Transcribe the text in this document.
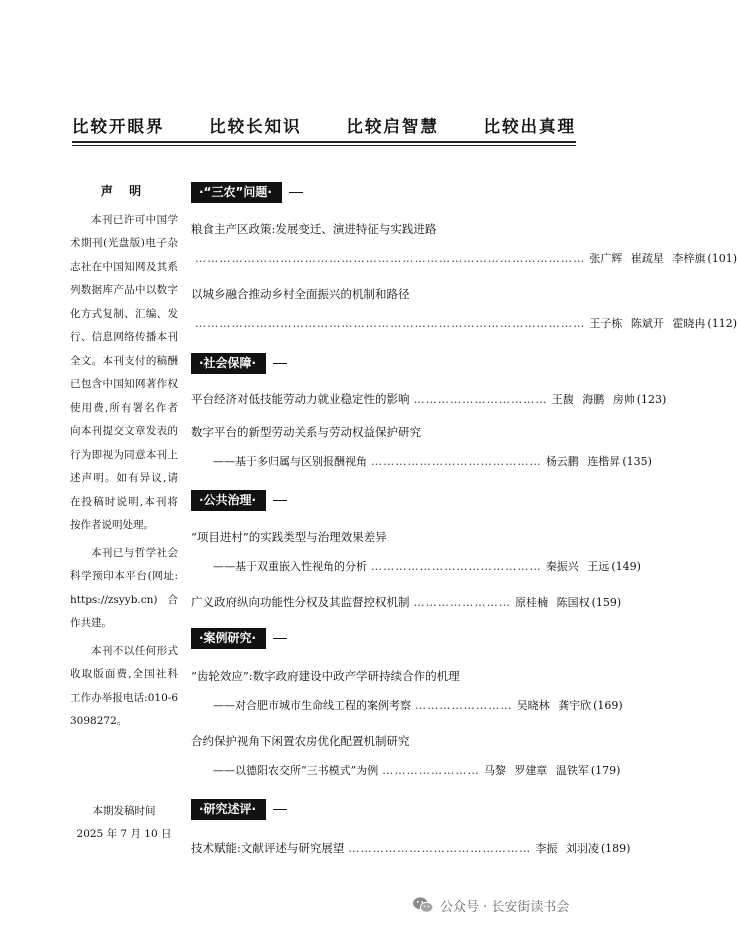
比较开眼界	比较长知识	比较启智慧	比较出真理
声 明

本刊已许可中国学术期刊(光盘版)电子杂志社在中国知网及其系列数据库产品中以数字化方式复制、汇编、发行、信息网络传播本刊全文。本刊支付的稿酬已包含中国知网著作权使用费,所有署名作者向本刊提交文章发表的行为即视为同意本刊上述声明。如有异议,请在投稿时说明,本刊将按作者说明处理。

本刊已与哲学社会科学预印本平台(网址:https://zsyyb.cn)合作共建。

本刊不以任何形式收取版面费,全国社科工作办举报电话:010-63098272。

本期发稿时间
2025 年 7 月 10 日
·“三农”问题·
粮食主产区政策:发展变迁、演进特征与实践进路
…………………………………………………………………………………… 张广辉 崔疏星 李梓旗 (101)
以城乡融合推动乡村全面振兴的机制和路径
…………………………………………………………………………………… 王子栋 陈斌开 霍晓冉 (112)
·社会保障·
平台经济对低技能劳动力就业稳定性的影响 …………………………… 王馥 海鹏 房帅 (123)
数字平台的新型劳动关系与劳动权益保护研究
——基于多归属与区别报酬视角 …………………………………… 杨云鹏 连楷昇 (135)
·公共治理·
“项目进村”的实践类型与治理效果差异
——基于双重嵌入性视角的分析 …………………………………… 秦振兴 王远 (149)
广义政府纵向功能性分权及其监督控权机制 …………………… 原桂楠 陈国权 (159)
·案例研究·
“齿轮效应”:数字政府建设中政产学研持续合作的机理
——对合肥市城市生命线工程的案例考察 …………………… 吴晓林 龚宇欣 (169)
合约保护视角下闲置农房优化配置机制研究
——以德阳农交所“三书模式”为例 …………………… 马黎 罗建章 温铁军 (179)
·研究述评·
技术赋能:文献评述与研究展望 ……………………………………… 李振 刘羽凌 (189)
公众号 · 长安街读书会
